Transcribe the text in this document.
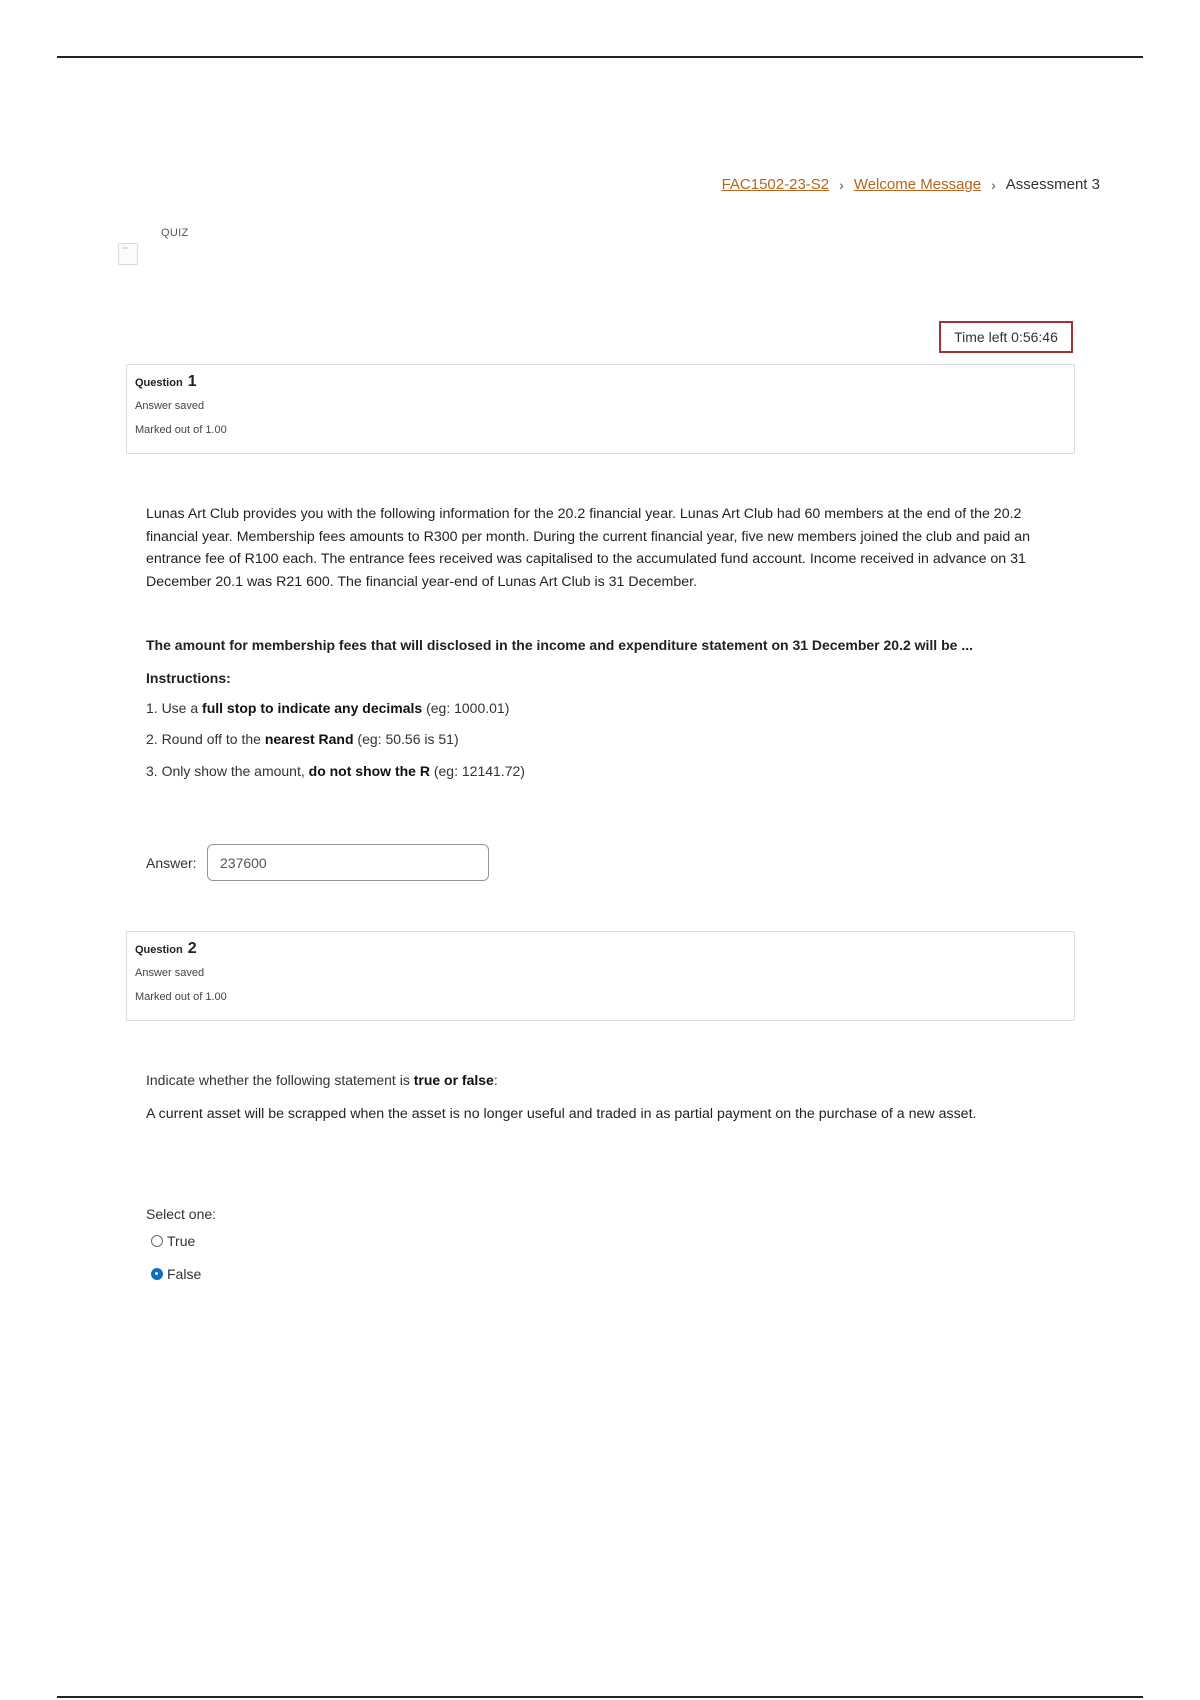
FAC1502-23-S2 › Welcome Message › Assessment 3
QUIZ
Time left 0:56:46
Question 1
Answer saved
Marked out of 1.00
Lunas Art Club provides you with the following information for the 20.2 financial year. Lunas Art Club had 60 members at the end of the 20.2 financial year. Membership fees amounts to R300 per month. During the current financial year, five new members joined the club and paid an entrance fee of R100 each. The entrance fees received was capitalised to the accumulated fund account. Income received in advance on 31 December 20.1 was R21 600. The financial year-end of Lunas Art Club is 31 December.
The amount for membership fees that will disclosed in the income and expenditure statement on 31 December 20.2 will be ...
Instructions:
1. Use a full stop to indicate any decimals (eg: 1000.01)
2. Round off to the nearest Rand (eg: 50.56 is 51)
3. Only show the amount, do not show the R (eg: 12141.72)
Answer:
237600
Question 2
Answer saved
Marked out of 1.00
Indicate whether the following statement is true or false:
A current asset will be scrapped when the asset is no longer useful and traded in as partial payment on the purchase of a new asset.
Select one:
True
False
